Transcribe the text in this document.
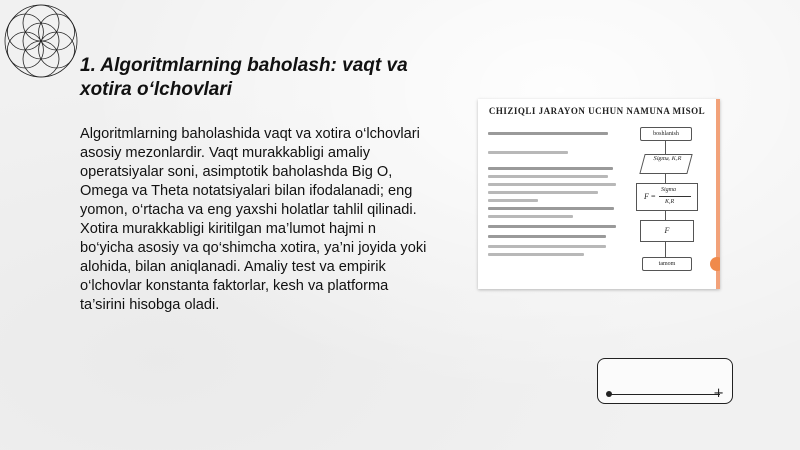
1. Algoritmlarning baholash: vaqt va xotira o‘lchovlari

Algoritmlarning baholashida vaqt va xotira o‘lchovlari asosiy mezonlardir. Vaqt murakkabligi amaliy operatsiyalar soni, asimptotik baholashda Big O, Omega va Theta notatsiyalari bilan ifodalanadi; eng yomon, o‘rtacha va eng yaxshi holatlar tahlil qilinadi. Xotira murakkabligi kiritilgan ma’lumot hajmi n bo‘yicha asosiy va qo‘shimcha xotira, ya’ni joyida yoki alohida, bilan aniqlanadi. Amaliy test va empirik o‘lchovlar konstanta faktorlar, kesh va platforma ta’sirini hisobga oladi.

CHIZIQLI JARAYON UCHUN NAMUNA MISOL
boshlanish
Sigma, K,R
F =
Sigma
K,R
F
tamom
+
